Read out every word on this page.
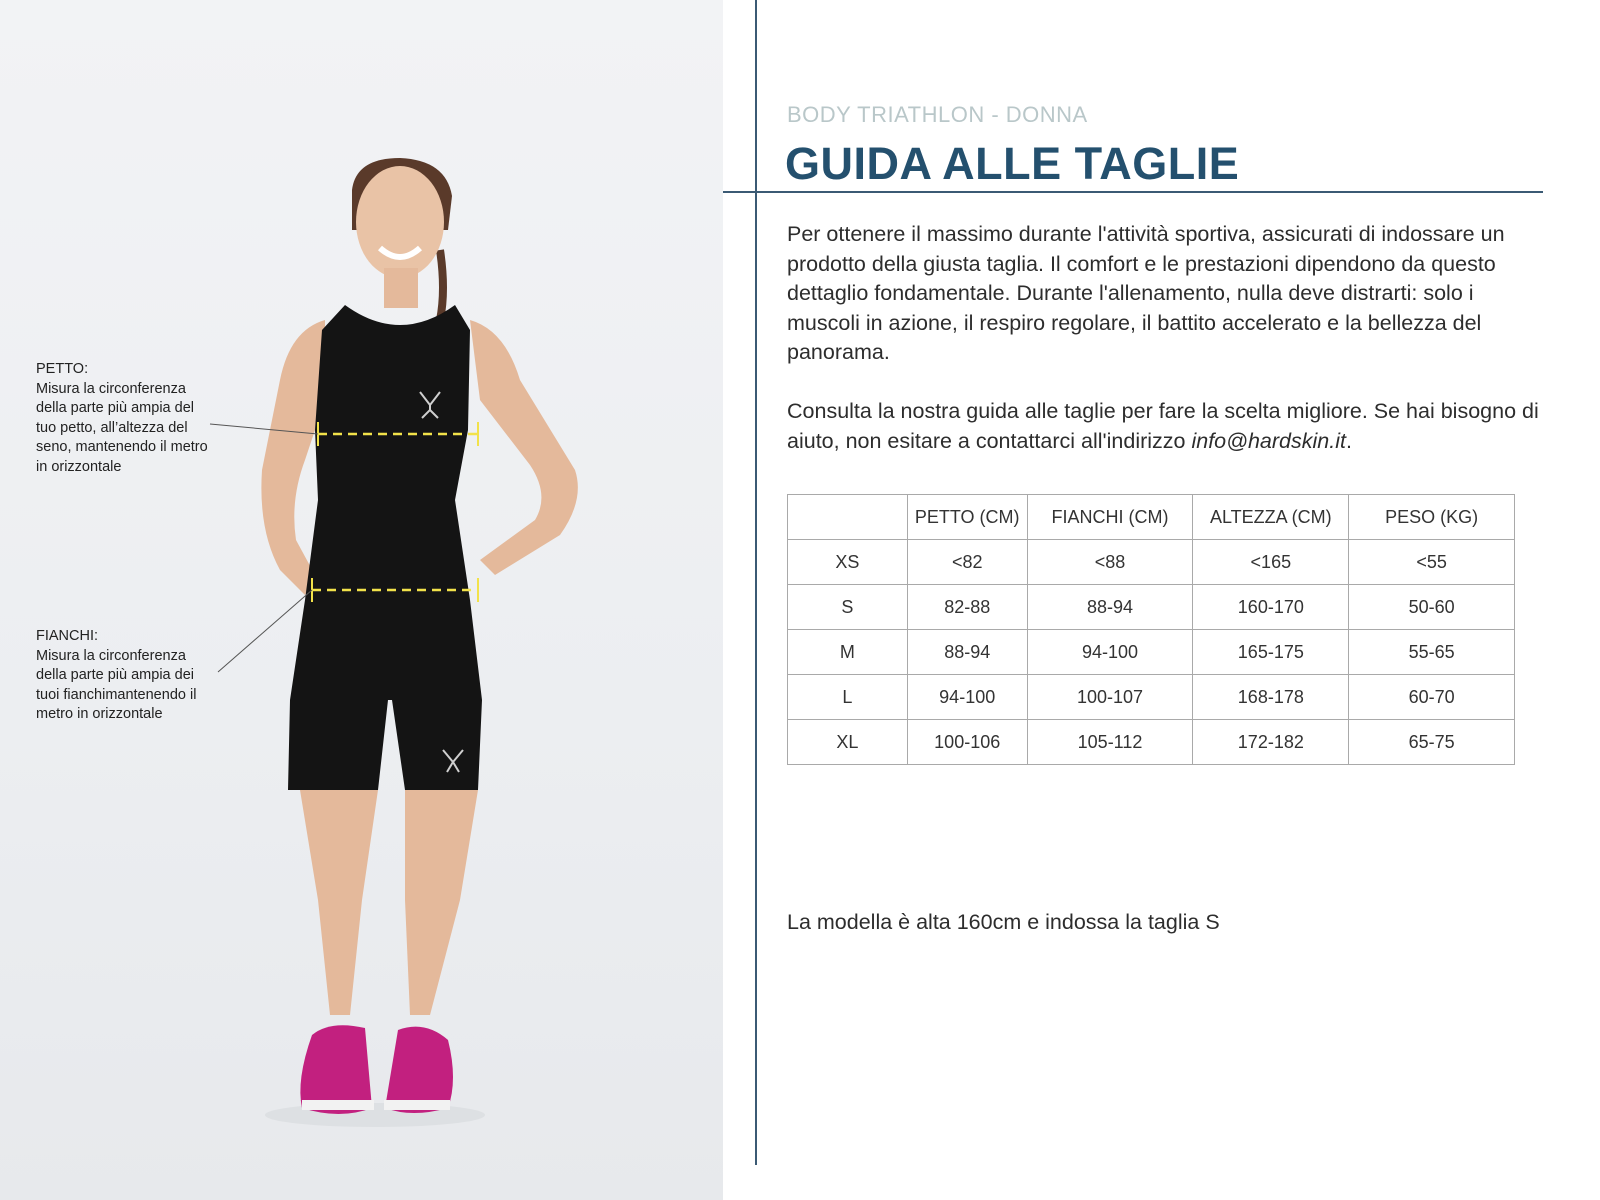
PETTO:
Misura la circonferenza della parte più ampia del tuo petto, all’altezza del seno, mantenendo il metro in orizzontale
FIANCHI:
Misura la circonferenza della parte più ampia dei tuoi fianchimantenendo il metro in orizzontale
BODY TRIATHLON - DONNA
GUIDA ALLE TAGLIE

Per ottenere il massimo durante l'attività sportiva, assicurati di indossare un prodotto della giusta taglia. Il comfort e le prestazioni dipendono da questo dettaglio fondamentale. Durante l'allenamento, nulla deve distrarti: solo i muscoli in azione, il respiro regolare, il battito accelerato e la bellezza del panorama.

Consulta la nostra guida alle taglie per fare la scelta migliore. Se hai bisogno di aiuto, non esitare a contattarci all'indirizzo info@hardskin.it.

	PETTO (CM)	FIANCHI (CM)	ALTEZZA (CM)	PESO (KG)
XS	<82	<88	<165	<55
S	82-88	88-94	160-170	50-60
M	88-94	94-100	165-175	55-65
L	94-100	100-107	168-178	60-70
XL	100-106	105-112	172-182	65-75
La modella è alta 160cm e indossa la taglia S
